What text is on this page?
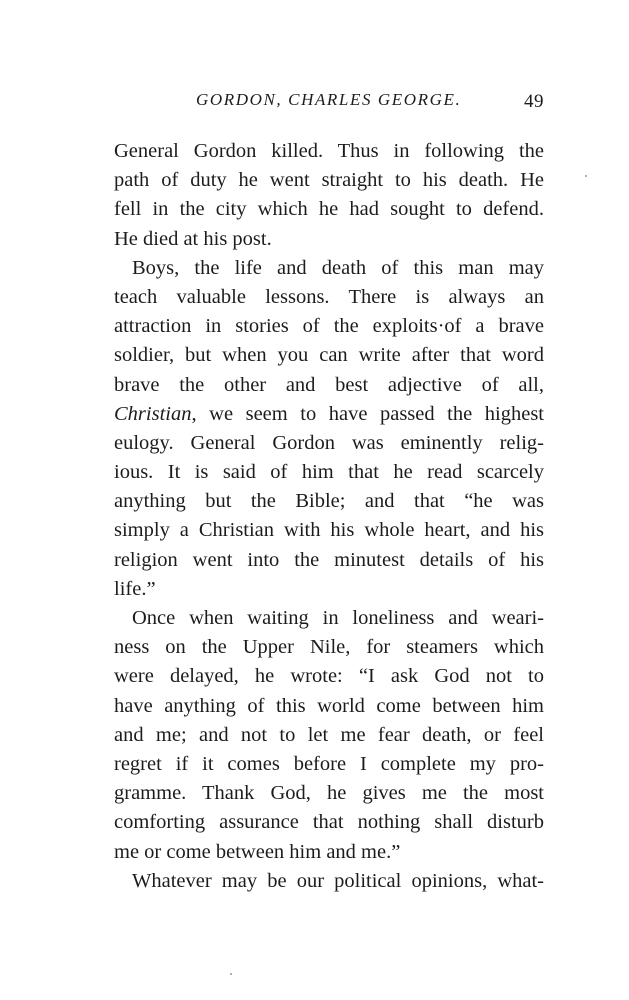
GORDON, CHARLES GEORGE.	49
General Gordon killed. Thus in following the
path of duty he went straight to his death. He
fell in the city which he had sought to defend.
He died at his post.
Boys, the life and death of this man may
teach valuable lessons. There is always an
attraction in stories of the exploits·of a brave
soldier, but when you can write after that word
brave the other and best adjective of all,
Christian, we seem to have passed the highest
eulogy. General Gordon was eminently relig-
ious. It is said of him that he read scarcely
anything but the Bible; and that “he was
simply a Christian with his whole heart, and his
religion went into the minutest details of his
life.”
Once when waiting in loneliness and weari-
ness on the Upper Nile, for steamers which
were delayed, he wrote: “I ask God not to
have anything of this world come between him
and me; and not to let me fear death, or feel
regret if it comes before I complete my pro-
gramme. Thank God, he gives me the most
comforting assurance that nothing shall disturb
me or come between him and me.”
Whatever may be our political opinions, what-
